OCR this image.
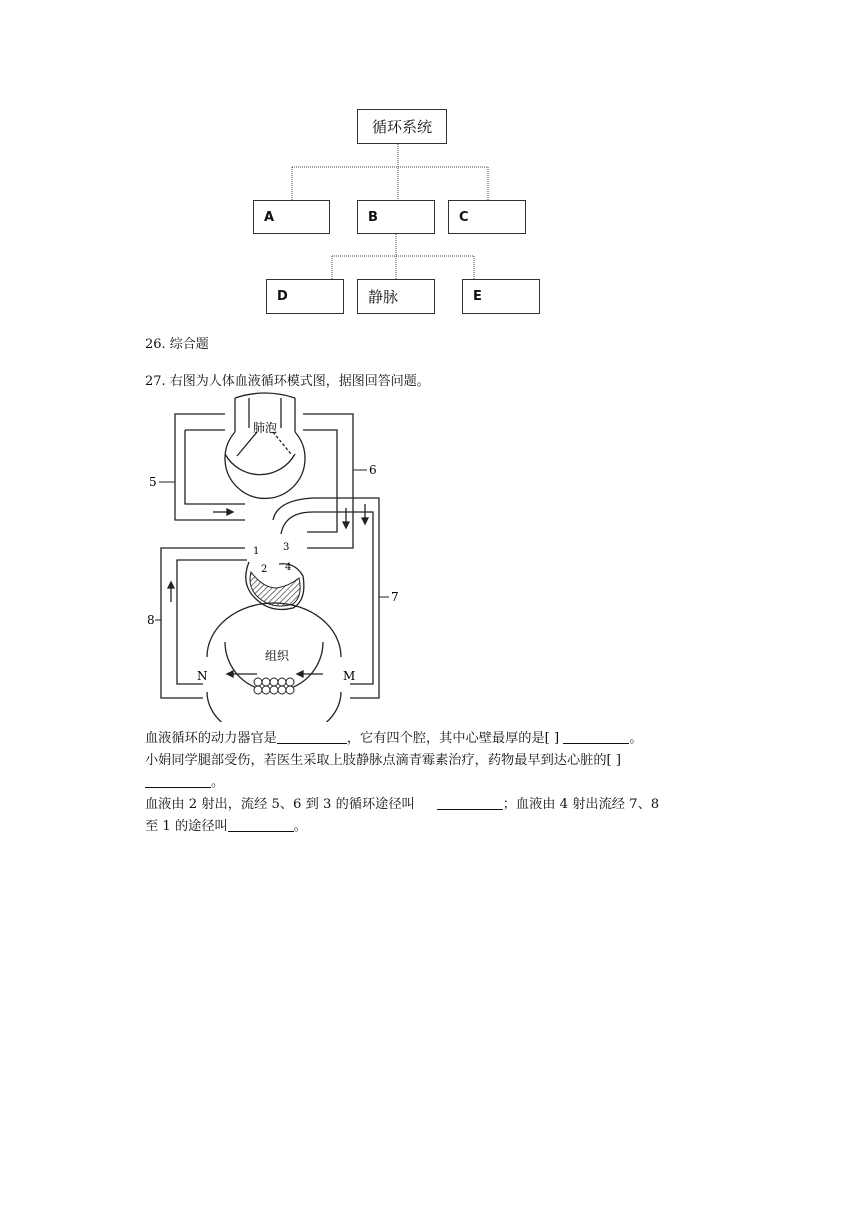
循环系统
A	B	C
D	静脉	E
26. 综合题
27. 右图为人体血液循环模式图，据图回答问题。
肺泡
组织
N	M
5
6
7
8
1
2
3
4

血液循环的动力器官是	，它有四个腔，其中心壁最厚的是[ ]	。

小娟同学腿部受伤，若医生采取上肢静脉点滴青霉素治疗，药物最早到达心脏的[ ]

。

血液由 2 射出，流经 5、6 到 3 的循环途径叫	；血液由 4 射出流经 7、8

至 1 的途径叫	。
